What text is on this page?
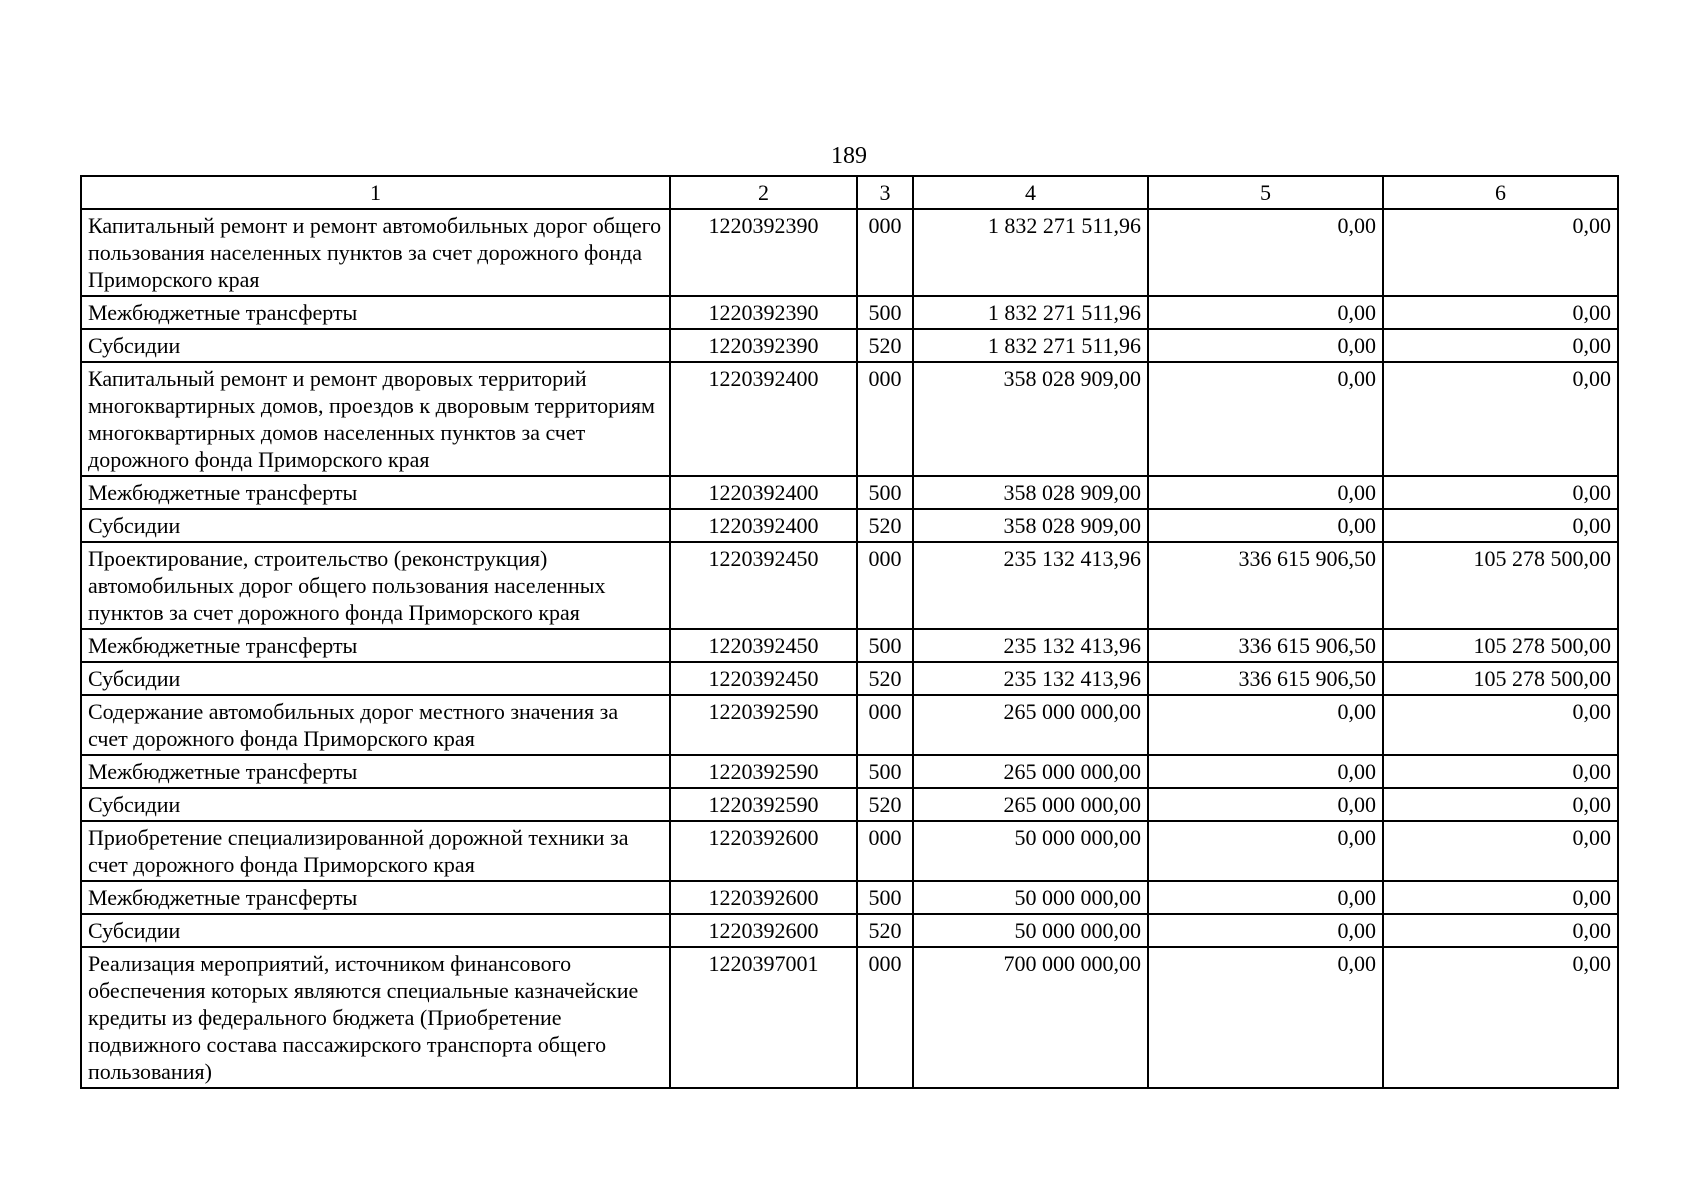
189
1	2	3	4	5	6
Капитальный ремонт и ремонт автомобильных дорог общего пользования населенных пунктов за счет дорожного фонда Приморского края	1220392390	000	1 832 271 511,96	0,00	0,00
Межбюджетные трансферты	1220392390	500	1 832 271 511,96	0,00	0,00
Субсидии	1220392390	520	1 832 271 511,96	0,00	0,00
Капитальный ремонт и ремонт дворовых территорий многоквартирных домов, проездов к дворовым территориям многоквартирных домов населенных пунктов за счет дорожного фонда Приморского края	1220392400	000	358 028 909,00	0,00	0,00
Межбюджетные трансферты	1220392400	500	358 028 909,00	0,00	0,00
Субсидии	1220392400	520	358 028 909,00	0,00	0,00
Проектирование, строительство (реконструкция) автомобильных дорог общего пользования населенных пунктов за счет дорожного фонда Приморского края	1220392450	000	235 132 413,96	336 615 906,50	105 278 500,00
Межбюджетные трансферты	1220392450	500	235 132 413,96	336 615 906,50	105 278 500,00
Субсидии	1220392450	520	235 132 413,96	336 615 906,50	105 278 500,00
Содержание автомобильных дорог местного значения за счет дорожного фонда Приморского края	1220392590	000	265 000 000,00	0,00	0,00
Межбюджетные трансферты	1220392590	500	265 000 000,00	0,00	0,00
Субсидии	1220392590	520	265 000 000,00	0,00	0,00
Приобретение специализированной дорожной техники за счет дорожного фонда Приморского края	1220392600	000	50 000 000,00	0,00	0,00
Межбюджетные трансферты	1220392600	500	50 000 000,00	0,00	0,00
Субсидии	1220392600	520	50 000 000,00	0,00	0,00
Реализация мероприятий, источником финансового обеспечения которых являются специальные казначейские кредиты из федерального бюджета (Приобретение подвижного состава пассажирского транспорта общего пользования)	1220397001	000	700 000 000,00	0,00	0,00
